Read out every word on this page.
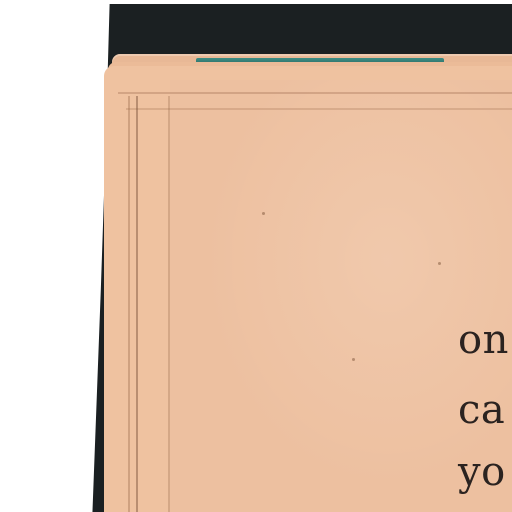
on
ca
yo
